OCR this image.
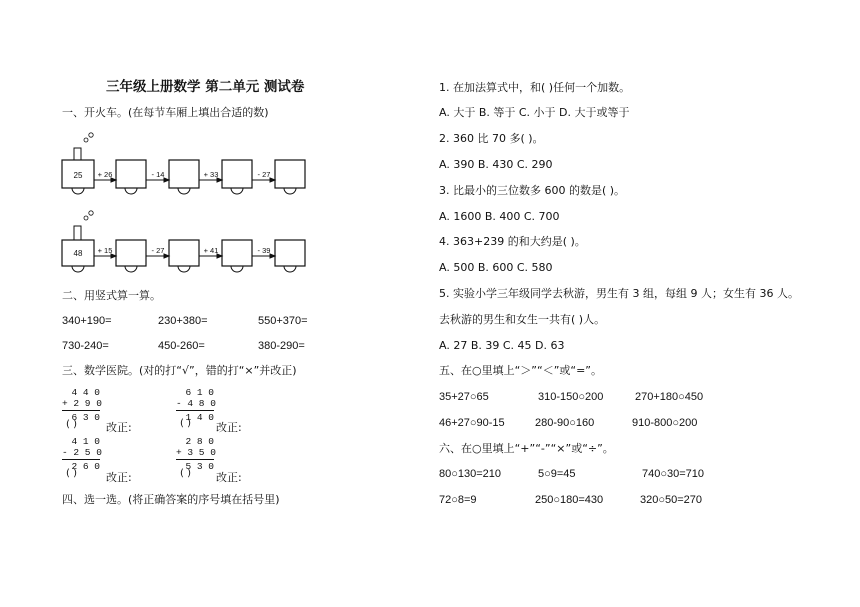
三年级上册数学 第二单元 测试卷
一、开火车。(在每节车厢上填出合适的数)
25 + 26	- 14	+ 33	- 27
48 + 15	- 27	+ 41	- 39
二、用竖式算一算。
340+190=	230+380=	550+370=
730-240=	450-260=	380-290=
三、数学医院。(对的打“√”，错的打“×”并改正)
4 4 0
+ 2 9 0
6 3 0
( )	改正:
6 1 0
- 4 8 0
1 4 0
( ) 改正:
4 1 0
- 2 5 0
2 6 0
( )	改正:
2 8 0
+ 3 5 0
5 3 0
( ) 改正:
四、选一选。(将正确答案的序号填在括号里)
1. 在加法算式中，和( )任何一个加数。
A. 大于 B. 等于 C. 小于 D. 大于或等于
2. 360 比 70 多( )。
A. 390 B. 430 C. 290
3. 比最小的三位数多 600 的数是( )。
A. 1600 B. 400 C. 700
4. 363+239 的和大约是( )。
A. 500 B. 600 C. 580
5. 实验小学三年级同学去秋游，男生有 3 组，每组 9 人；女生有 36 人。
去秋游的男生和女生一共有( )人。
A. 27 B. 39 C. 45 D. 63
五、在○里填上“＞”“＜”或“=”。
35+27○65	310-150○200	270+180○450
46+27○90-15	280-90○160	910-800○200
六、在○里填上“+”“-”“×”或“÷”。
80○130=210	5○9=45	740○30=710
72○8=9	250○180=430	320○50=270
